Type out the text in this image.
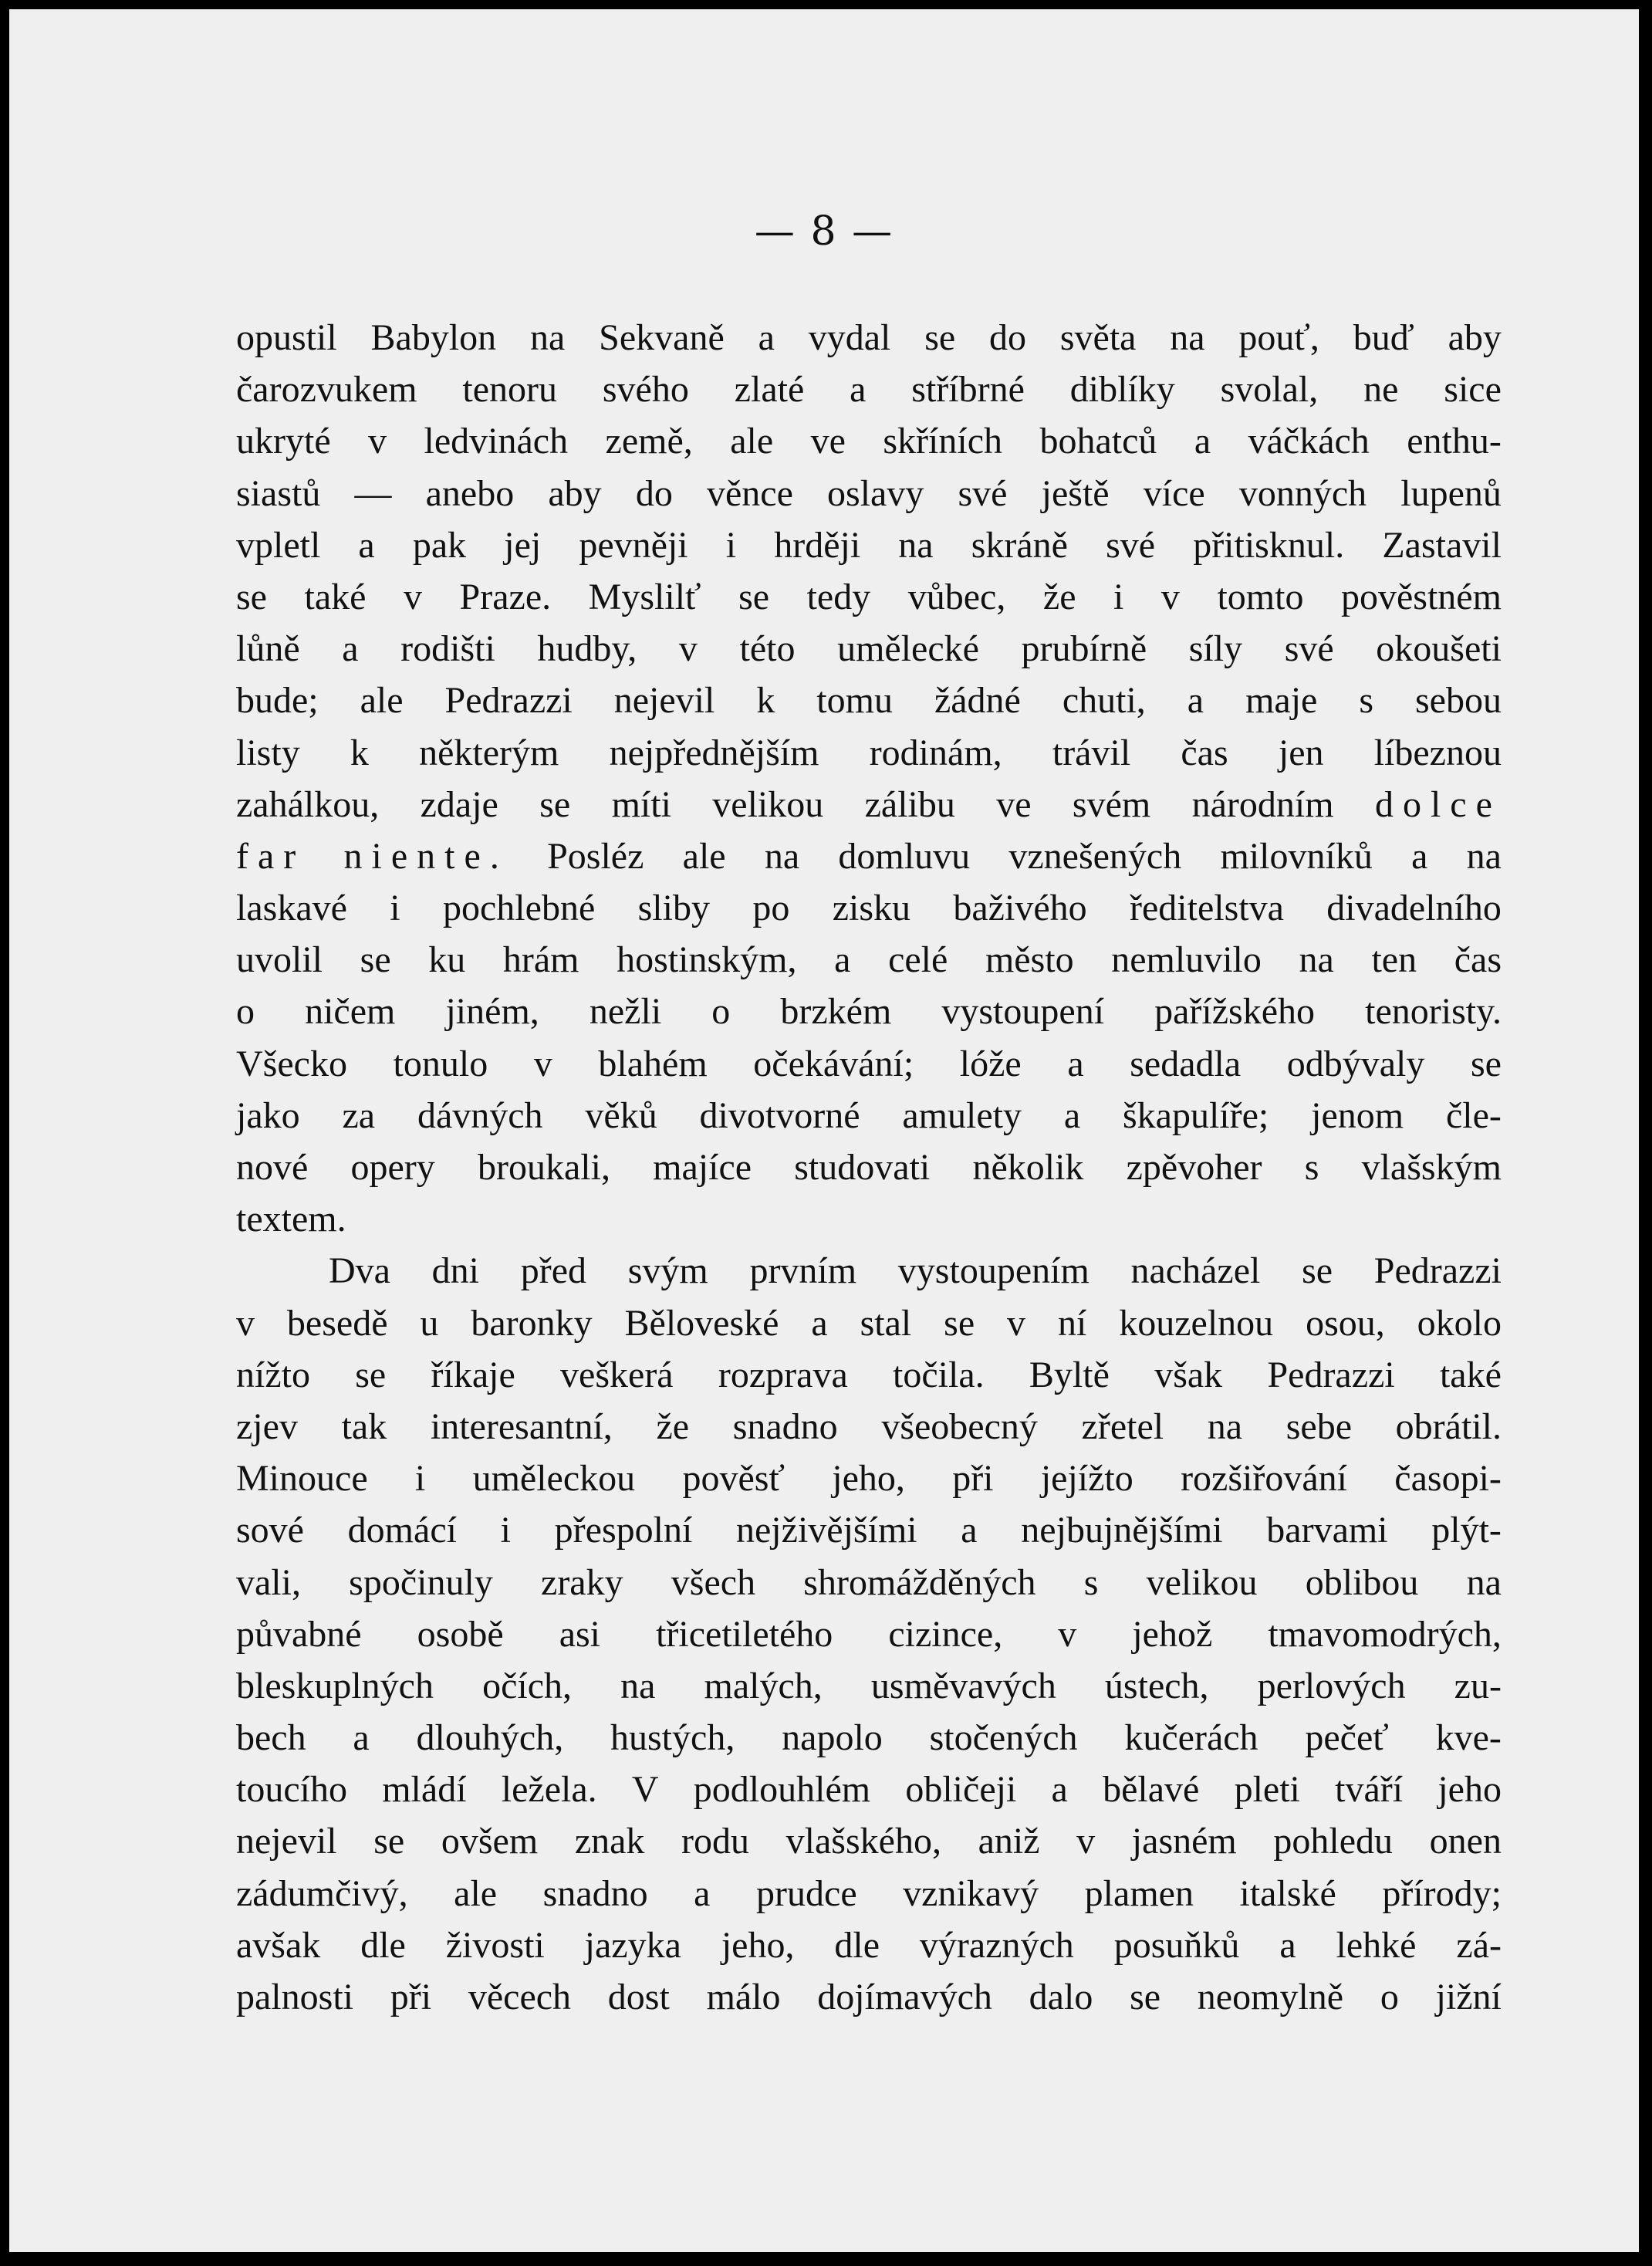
— 8 —
opustil Babylon na Sekvaně a vydal se do světa na pouť, buď aby
čarozvukem tenoru svého zlaté a stříbrné diblíky svolal, ne sice
ukryté v ledvinách země, ale ve skříních bohatců a váčkách enthu-
siastů — anebo aby do věnce oslavy své ještě více vonných lupenů
vpletl a pak jej pevněji i hrději na skráně své přitisknul. Zastavil
se také v Praze. Myslilť se tedy vůbec, že i v tomto pověstném
lůně a rodišti hudby, v této umělecké prubírně síly své okoušeti
bude; ale Pedrazzi nejevil k tomu žádné chuti, a maje s sebou
listy k některým nejpřednějším rodinám, trávil čas jen líbeznou
zahálkou, zdaje se míti velikou zálibu ve svém národním dolce
far niente. Posléz ale na domluvu vznešených milovníků a na
laskavé i pochlebné sliby po zisku baživého ředitelstva divadelního
uvolil se ku hrám hostinským, a celé město nemluvilo na ten čas
o ničem jiném, nežli o brzkém vystoupení pařížského tenoristy.
Všecko tonulo v blahém očekávání; lóže a sedadla odbývaly se
jako za dávných věků divotvorné amulety a škapulíře; jenom čle-
nové opery broukali, majíce studovati několik zpěvoher s vlašským
textem.
Dva dni před svým prvním vystoupením nacházel se Pedrazzi
v besedě u baronky Běloveské a stal se v ní kouzelnou osou, okolo
nížto se říkaje veškerá rozprava točila. Byltě však Pedrazzi také
zjev tak interesantní, že snadno všeobecný zřetel na sebe obrátil.
Minouce i uměleckou pověsť jeho, při jejížto rozšiřování časopi-
sové domácí i přespolní nejživějšími a nejbujnějšími barvami plýt-
vali, spočinuly zraky všech shromážděných s velikou oblibou na
půvabné osobě asi třicetiletého cizince, v jehož tmavomodrých,
bleskuplných očích, na malých, usměvavých ústech, perlových zu-
bech a dlouhých, hustých, napolo stočených kučerách pečeť kve-
toucího mládí ležela. V podlouhlém obličeji a bělavé pleti tváří jeho
nejevil se ovšem znak rodu vlašského, aniž v jasném pohledu onen
zádumčivý, ale snadno a prudce vznikavý plamen italské přírody;
avšak dle živosti jazyka jeho, dle výrazných posuňků a lehké zá-
palnosti při věcech dost málo dojímavých dalo se neomylně o jižní
